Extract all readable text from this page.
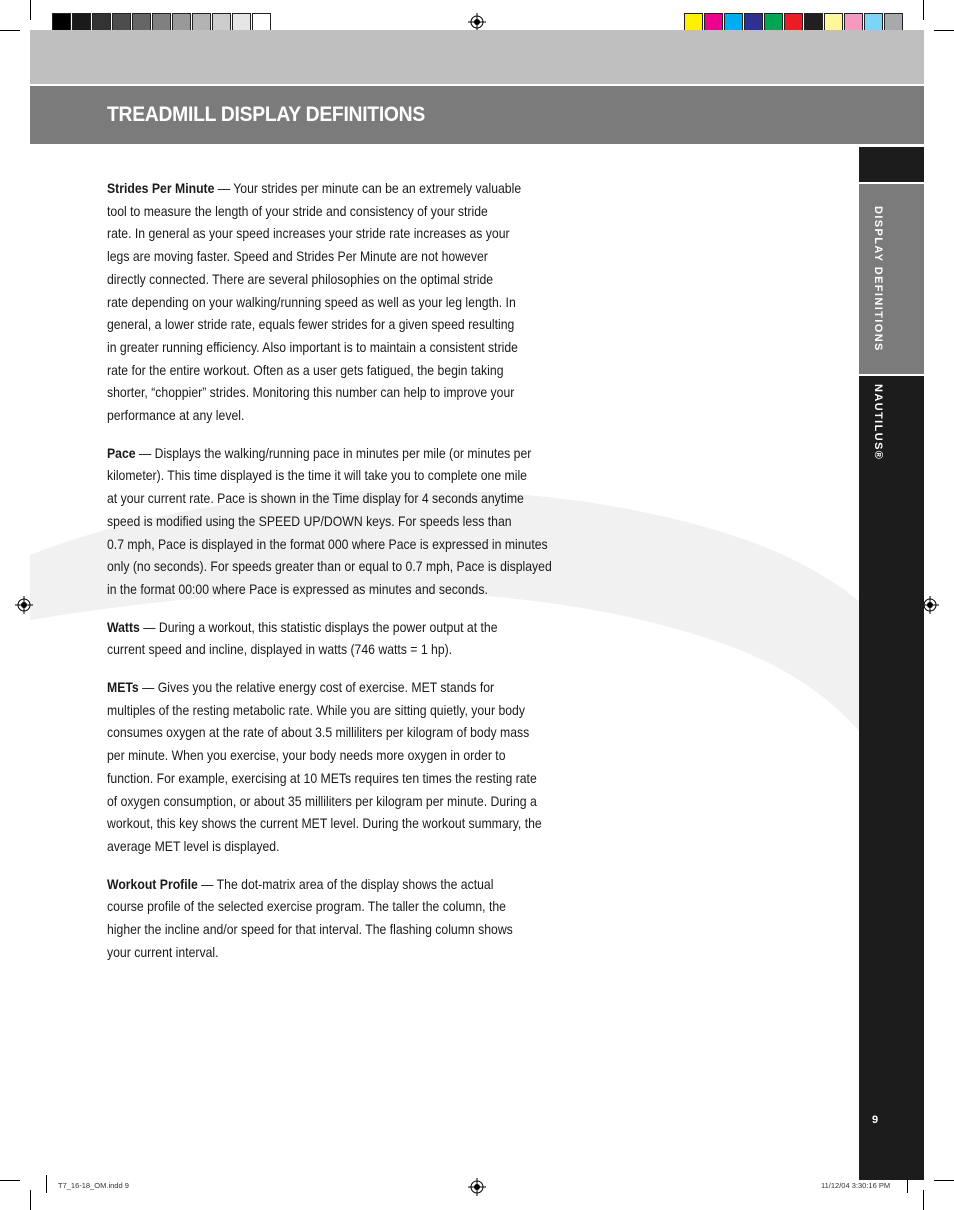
TREADMILL DISPLAY DEFINITIONS
DISPLAY DEFINITIONS
NAUTILUS®
9
Strides Per Minute — Your strides per minute can be an extremely valuable
tool to measure the length of your stride and consistency of your stride
rate. In general as your speed increases your stride rate increases as your
legs are moving faster. Speed and Strides Per Minute are not however
directly connected. There are several philosophies on the optimal stride
rate depending on your walking/running speed as well as your leg length. In
general, a lower stride rate, equals fewer strides for a given speed resulting
in greater running efficiency. Also important is to maintain a consistent stride
rate for the entire workout. Often as a user gets fatigued, the begin taking
shorter, “choppier” strides. Monitoring this number can help to improve your
performance at any level.
Pace — Displays the walking/running pace in minutes per mile (or minutes per
kilometer). This time displayed is the time it will take you to complete one mile
at your current rate. Pace is shown in the Time display for 4 seconds anytime
speed is modified using the SPEED UP/DOWN keys. For speeds less than
0.7 mph, Pace is displayed in the format 000 where Pace is expressed in minutes
only (no seconds). For speeds greater than or equal to 0.7 mph, Pace is displayed
in the format 00:00 where Pace is expressed as minutes and seconds.
Watts — During a workout, this statistic displays the power output at the
current speed and incline, displayed in watts (746 watts = 1 hp).
METs — Gives you the relative energy cost of exercise. MET stands for
multiples of the resting metabolic rate. While you are sitting quietly, your body
consumes oxygen at the rate of about 3.5 milliliters per kilogram of body mass
per minute. When you exercise, your body needs more oxygen in order to
function. For example, exercising at 10 METs requires ten times the resting rate
of oxygen consumption, or about 35 milliliters per kilogram per minute. During a
workout, this key shows the current MET level. During the workout summary, the
average MET level is displayed.
Workout Profile — The dot-matrix area of the display shows the actual
course profile of the selected exercise program. The taller the column, the
higher the incline and/or speed for that interval. The flashing column shows
your current interval.
T7_16-18_OM.indd 9	11/12/04 3:30:16 PM
